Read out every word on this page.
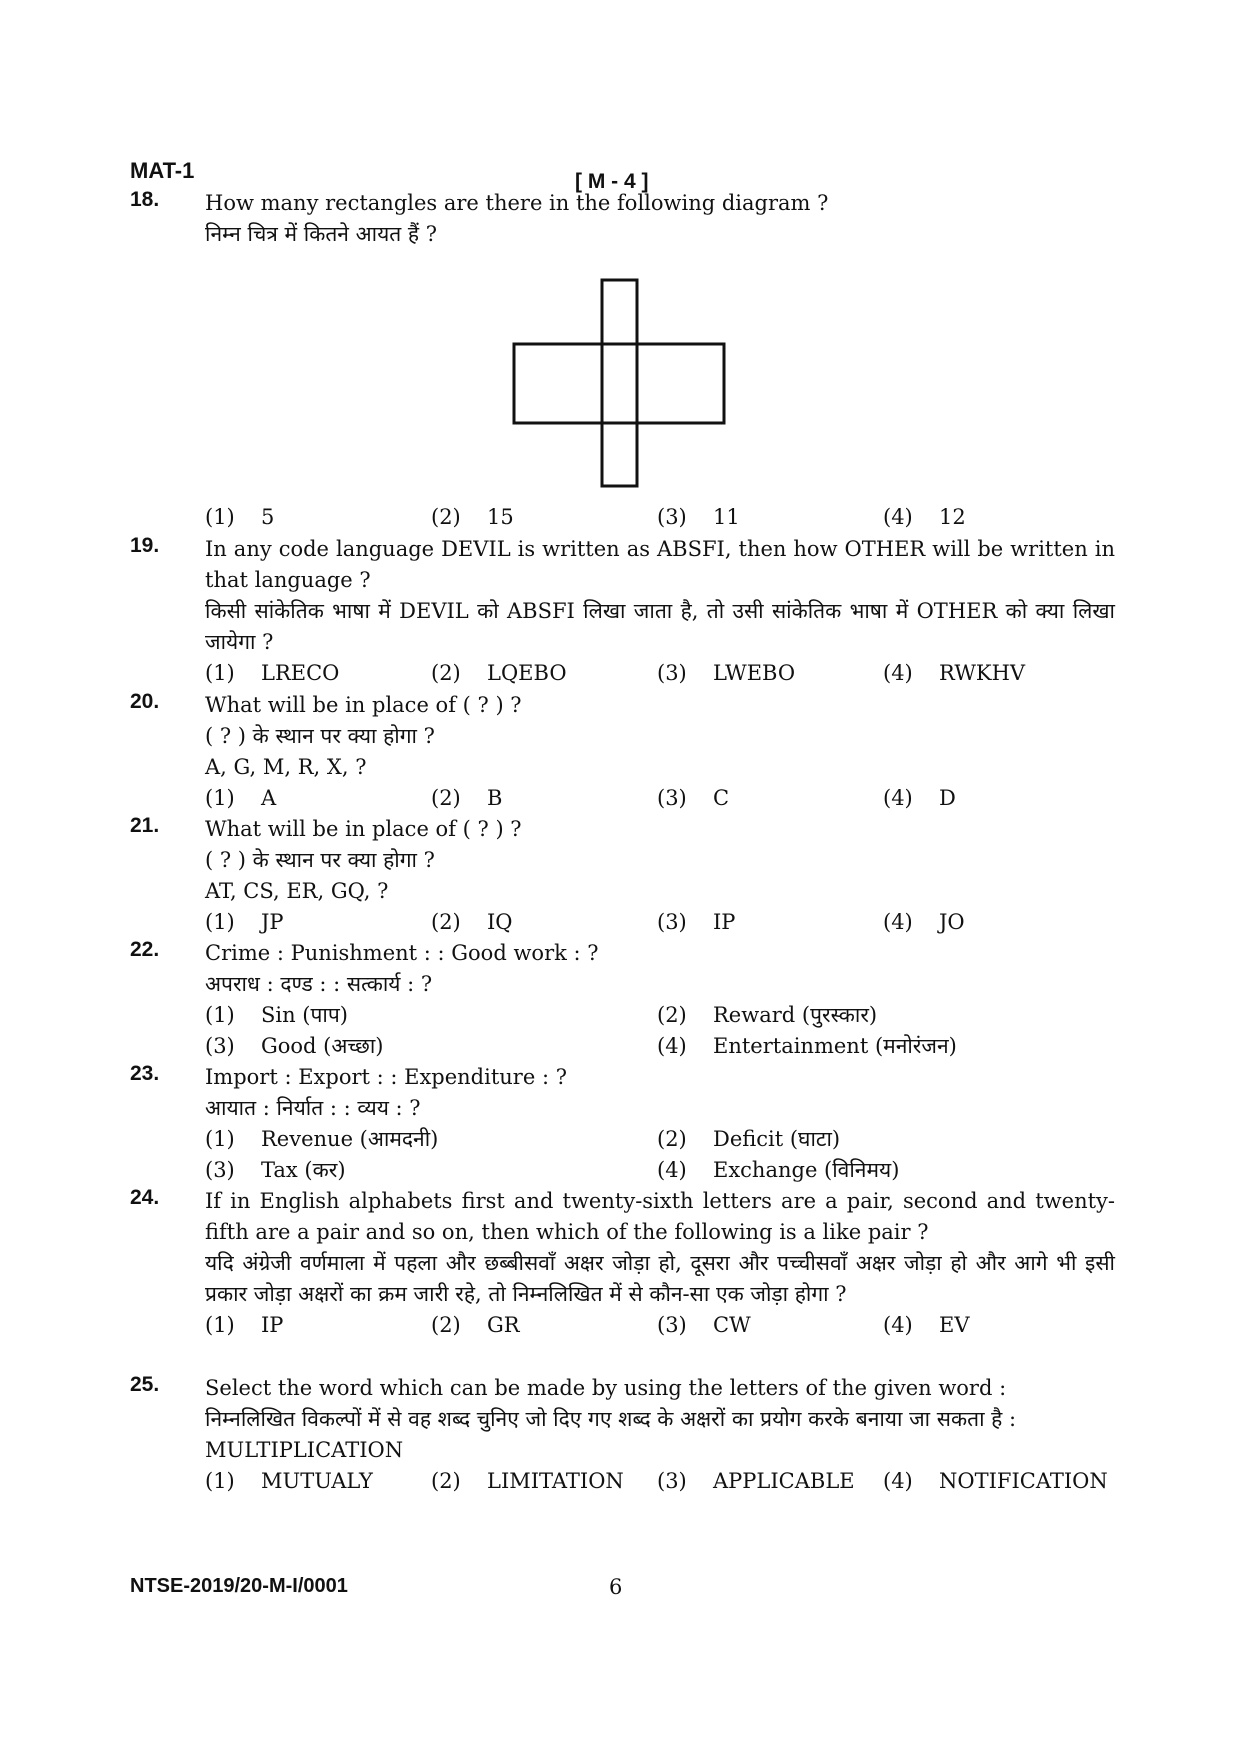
MAT-1	[ M - 4 ]
18. How many rectangles are there in the following diagram ?

निम्न चित्र में कितने आयत हैं ?

(1)	5	(2)	15	(3)	11	(4)	12
19. In any code language DEVIL is written as ABSFI, then how OTHER will be written in that language ?

किसी सांकेतिक भाषा में DEVIL को ABSFI लिखा जाता है, तो उसी सांकेतिक भाषा में OTHER को क्या लिखा जायेगा ?

(1)	LRECO	(2)	LQEBO	(3)	LWEBO	(4)	RWKHV
20. What will be in place of ( ? ) ?

( ? ) के स्थान पर क्या होगा ?

A, G, M, R, X, ?

(1)	A	(2)	B	(3)	C	(4)	D
21. What will be in place of ( ? ) ?

( ? ) के स्थान पर क्या होगा ?

AT, CS, ER, GQ, ?

(1)	JP	(2)	IQ	(3)	IP	(4)	JO
22. Crime : Punishment : : Good work : ?

अपराध : दण्ड : : सत्कार्य : ?

(1)	Sin (पाप)	(2)	Reward (पुरस्कार)
(3)	Good (अच्छा)	(4)	Entertainment (मनोरंजन)
23. Import : Export : : Expenditure : ?

आयात : निर्यात : : व्यय : ?

(1)	Revenue (आमदनी)	(2)	Deficit (घाटा)
(3)	Tax (कर)	(4)	Exchange (विनिमय)
24. If in English alphabets first and twenty-sixth letters are a pair, second and twenty-fifth are a pair and so on, then which of the following is a like pair ?

यदि अंग्रेजी वर्णमाला में पहला और छब्बीसवाँ अक्षर जोड़ा हो, दूसरा और पच्चीसवाँ अक्षर जोड़ा हो और आगे भी इसी प्रकार जोड़ा अक्षरों का क्रम जारी रहे, तो निम्नलिखित में से कौन-सा एक जोड़ा होगा ?

(1)	IP	(2)	GR	(3)	CW	(4)	EV
25. Select the word which can be made by using the letters of the given word :

निम्नलिखित विकल्पों में से वह शब्द चुनिए जो दिए गए शब्द के अक्षरों का प्रयोग करके बनाया जा सकता है :

MULTIPLICATION

(1)	MUTUALY	(2)	LIMITATION (3)	APPLICABLE (4)	NOTIFICATION
NTSE-2019/20-M-I/0001	6
